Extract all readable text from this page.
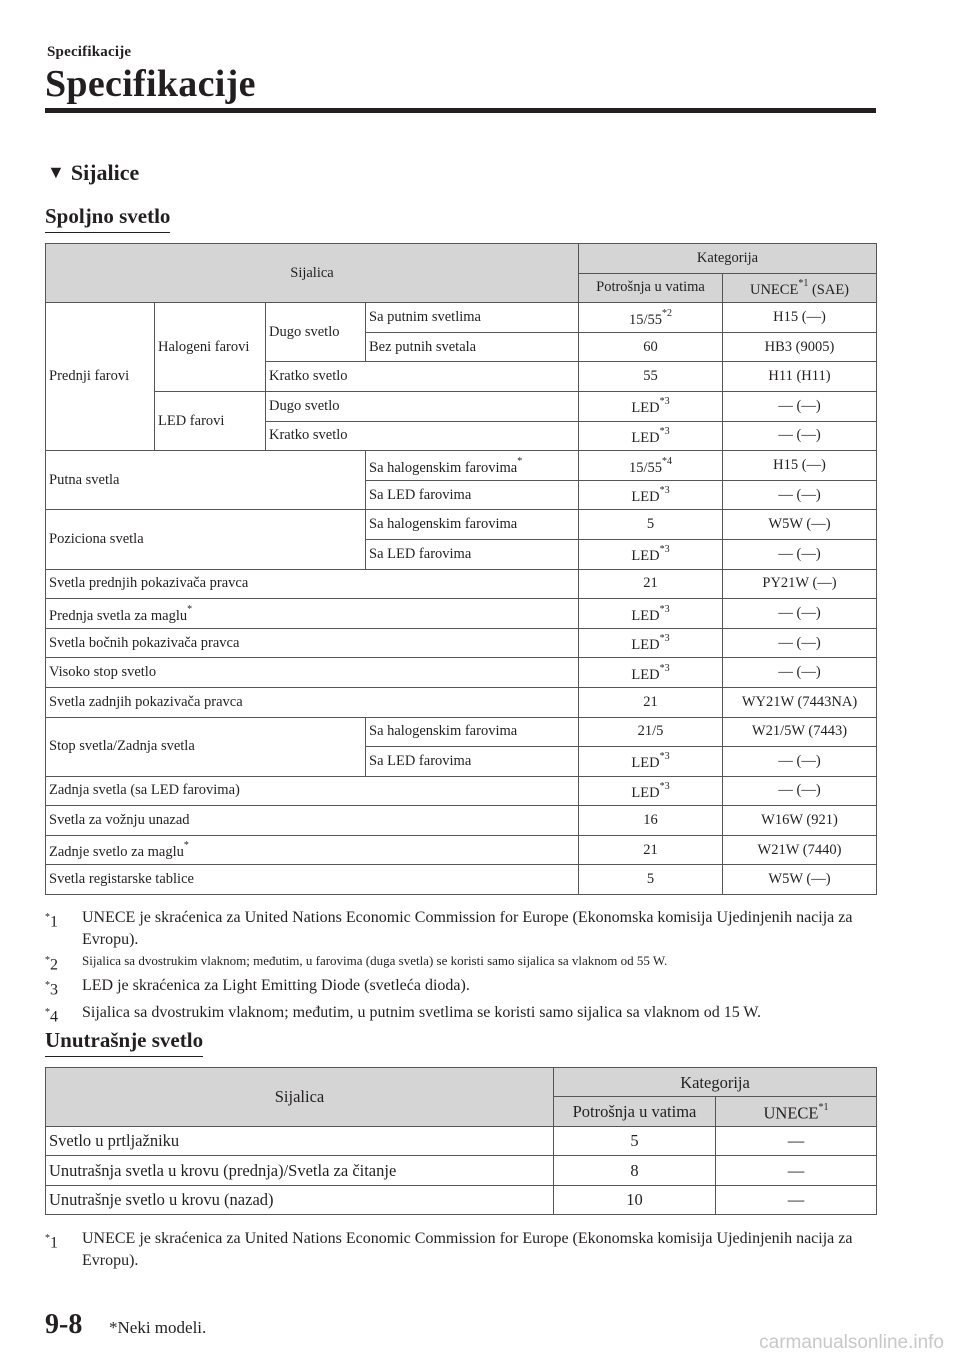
Specifikacije
Specifikacije
▼ Sijalice
Spoljno svetlo
Sijalica				Kategorija	
				Potrošnja u vatima	UNECE$^{*1}$ (SAE)
Prednji farovi	Halogeni farovi	Dugo svetlo	Sa putnim svetlima	15/55$^{*2}$	H15 (—)
			Bez putnih svetala	60	HB3 (9005)
		Kratko svetlo		55	H11 (H11)
	LED farovi	Dugo svetlo		LED$^{*3}$	— (—)
		Kratko svetlo		LED$^{*3}$	— (—)
Putna svetla			Sa halogenskim farovima*	15/55$^{*4}$	H15 (—)
			Sa LED farovima	LED$^{*3}$	— (—)
Poziciona svetla			Sa halogenskim farovima	5	W5W (—)
			Sa LED farovima	LED$^{*3}$	— (—)
Svetla prednjih pokazivača pravca				21	PY21W (—)
Prednja svetla za maglu*				LED$^{*3}$	— (—)
Svetla bočnih pokazivača pravca				LED$^{*3}$	— (—)
Visoko stop svetlo				LED$^{*3}$	— (—)
Svetla zadnjih pokazivača pravca				21	WY21W (7443NA)
Stop svetla/Zadnja svetla			Sa halogenskim farovima	21/5	W21/5W (7443)
			Sa LED farovima	LED$^{*3}$	— (—)
Zadnja svetla (sa LED farovima)				LED$^{*3}$	— (—)
Svetla za vožnju unazad				16	W16W (921)
Zadnje svetlo za maglu*				21	W21W (7440)
Svetla registarske tablice				5	W5W (—)
*1	UNECE je skraćenica za United Nations Economic Commission for Europe (Ekonomska komisija Ujedinjenih nacija za Evropu).
*2	Sijalica sa dvostrukim vlaknom; međutim, u farovima (duga svetla) se koristi samo sijalica sa vlaknom od 55 W.
*3	LED je skraćenica za Light Emitting Diode (svetleća dioda).
*4	Sijalica sa dvostrukim vlaknom; međutim, u putnim svetlima se koristi samo sijalica sa vlaknom od 15 W.
Unutrašnje svetlo
Sijalica	Kategorija	
	Potrošnja u vatima	UNECE$^{*1}$
Svetlo u prtljažniku	5	—
Unutrašnja svetla u krovu (prednja)/Svetla za čitanje	8	—
Unutrašnje svetlo u krovu (nazad)	10	—
*1	UNECE je skraćenica za United Nations Economic Commission for Europe (Ekonomska komisija Ujedinjenih nacija za Evropu).
9-8 *Neki modeli.
carmanualsonline.info
